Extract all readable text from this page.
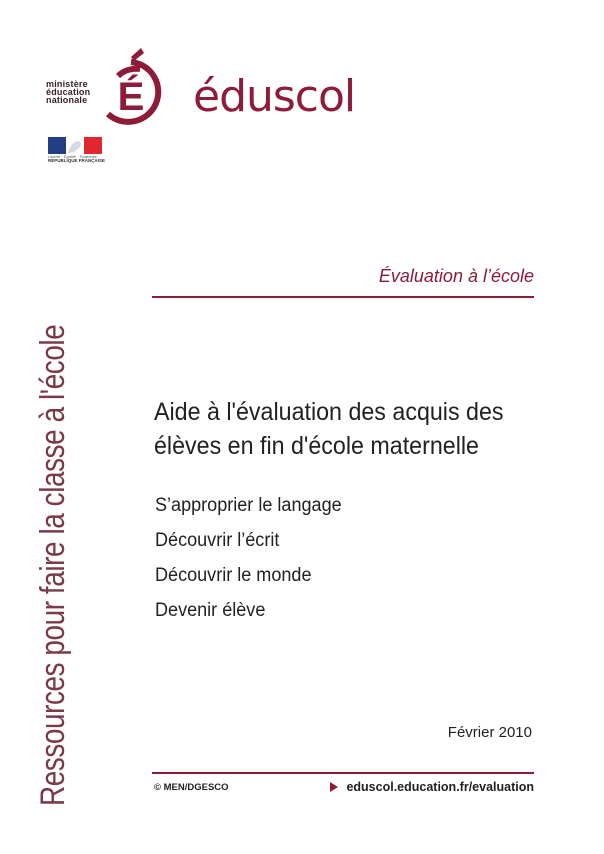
ministère
éducation
nationale É
Liberté · Égalité · Fraternité
RÉPUBLIQUE FRANÇAISE
éduscol
Ressources pour faire la classe à l'école
Évaluation à l’école
Aide à l'évaluation des acquis des élèves en fin d'école maternelle
S’approprier le langage
Découvrir l’écrit
Découvrir le monde
Devenir élève
Février 2010
© MEN/DGESCO	eduscol.education.fr/evaluation
